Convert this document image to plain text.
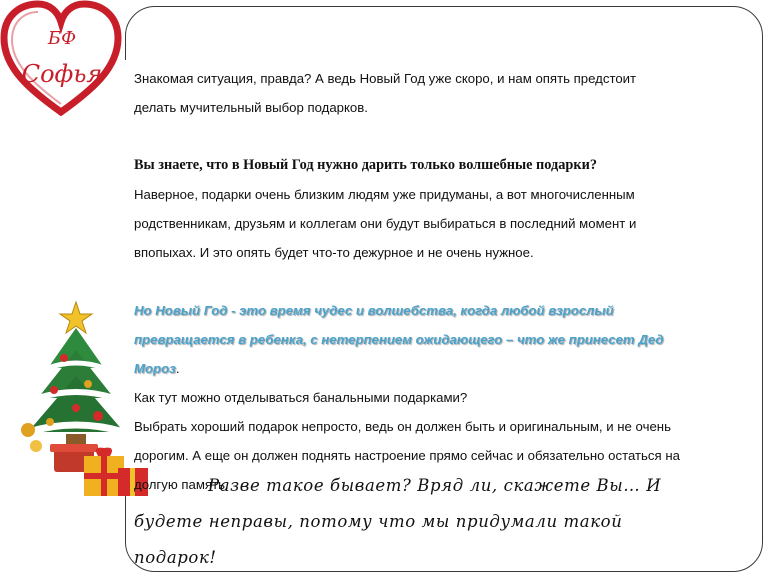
БФ
Софья Знакомая ситуация, правда? А ведь Новый Год уже скоро, и нам опять предстоит

делать мучительный выбор подарков.

Вы знаете, что в Новый Год нужно дарить только волшебные подарки?

Наверное, подарки очень близким людям уже придуманы, а вот многочисленным

родственникам, друзьям и коллегам они будут выбираться в последний момент и

впопыхах. И это опять будет что-то дежурное и не очень нужное.

Но Новый Год - это время чудес и волшебства, когда любой взрослый

превращается в ребенка, с нетерпением ожидающего – что же принесет Дед

Мороз.

Как тут можно отделываться банальными подарками?

Выбрать хороший подарок непросто, ведь он должен быть и оригинальным, и не очень

дорогим. А еще он должен поднять настроение прямо сейчас и обязательно остаться на

долгую память.

Разве такое бывает? Вряд ли, скажете Вы… И

будете неправы, потому что мы придумали такой

подарок!
